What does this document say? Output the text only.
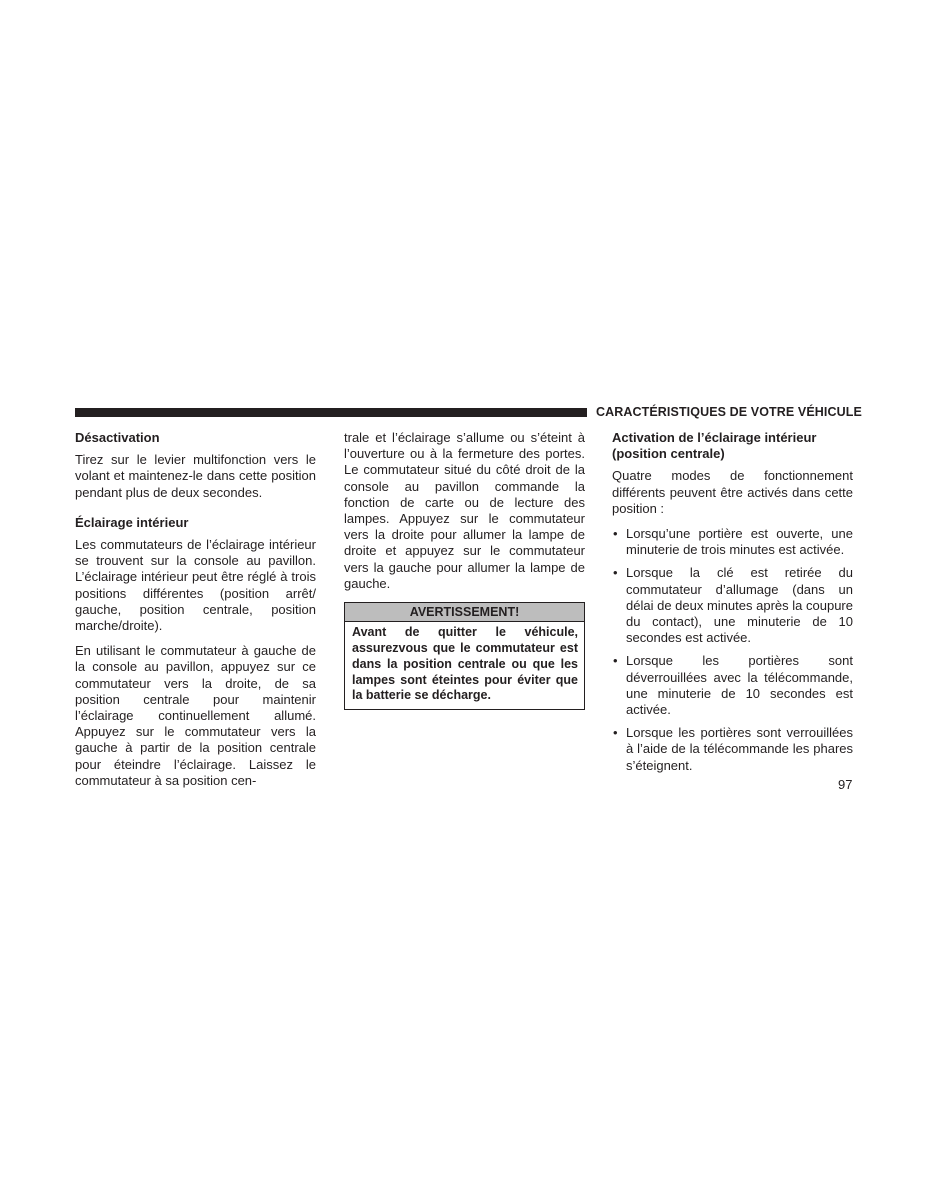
CARACTÉRISTIQUES DE VOTRE VÉHICULE
Désactivation

Tirez sur le levier multifonction vers le volant et maintenez-le dans cette position pendant plus de deux secondes.

Éclairage intérieur

Les commutateurs de l’éclairage intérieur se trouvent sur la console au pavillon. L’éclairage intérieur peut être réglé à trois positions différentes (position arrêt/ gauche, position centrale, position marche/droite).

En utilisant le commutateur à gauche de la console au pavillon, appuyez sur ce commutateur vers la droite, de sa position centrale pour maintenir l’éclairage continuellement allumé. Appuyez sur le commutateur vers la gauche à partir de la position centrale pour éteindre l’éclairage. Laissez le commutateur à sa position cen-

trale et l’éclairage s’allume ou s’éteint à l’ouverture ou à la fermeture des portes. Le commutateur situé du côté droit de la console au pavillon commande la fonction de carte ou de lecture des lampes. Appuyez sur le commutateur vers la droite pour allumer la lampe de droite et appuyez sur le commutateur vers la gauche pour allumer la lampe de gauche.

AVERTISSEMENT!
Avant de quitter le véhicule, assurezvous que le commutateur est dans la position centrale ou que les lampes sont éteintes pour éviter que la batterie se décharge.
Activation de l’éclairage intérieur (position centrale)

Quatre modes de fonctionnement différents peuvent être activés dans cette position :

• Lorsqu’une portière est ouverte, une minuterie de trois minutes est activée.
• Lorsque la clé est retirée du commutateur d’allumage (dans un délai de deux minutes après la coupure du contact), une minuterie de 10 secondes est activée.
• Lorsque les portières sont déverrouillées avec la télécommande, une minuterie de 10 secondes est activée.
• Lorsque les portières sont verrouillées à l’aide de la télécommande les phares s’éteignent.
97
